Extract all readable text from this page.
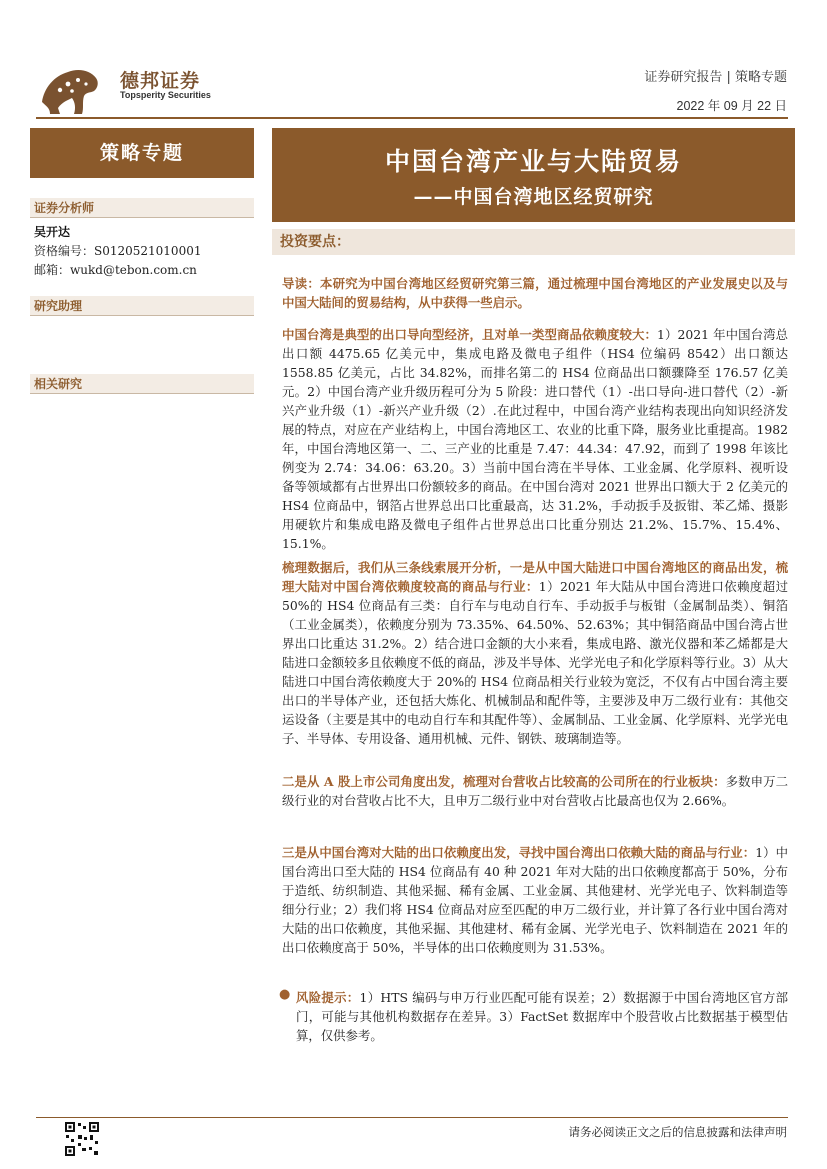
德邦证券
Topsperity Securities
证券研究报告 | 策略专题
2022 年 09 月 22 日
策略专题
证券分析师
吴开达
资格编号：S0120521010001
邮箱：wukd@tebon.com.cn
研究助理
相关研究
中国台湾产业与大陆贸易
——中国台湾地区经贸研究
投资要点：

导读：本研究为中国台湾地区经贸研究第三篇，通过梳理中国台湾地区的产业发展史以及与中国大陆间的贸易结构，从中获得一些启示。

中国台湾是典型的出口导向型经济，且对单一类型商品依赖度较大：1）2021 年中国台湾总出口额 4475.65 亿美元中，集成电路及微电子组件（HS4 位编码 8542）出口额达 1558.85 亿美元，占比 34.82%，而排名第二的 HS4 位商品出口额骤降至 176.57 亿美元。2）中国台湾产业升级历程可分为 5 阶段：进口替代（1）-出口导向-进口替代（2）-新兴产业升级（1）-新兴产业升级（2）.在此过程中，中国台湾产业结构表现出向知识经济发展的特点，对应在产业结构上，中国台湾地区工、农业的比重下降，服务业比重提高。1982 年，中国台湾地区第一、二、三产业的比重是 7.47：44.34：47.92，而到了 1998 年该比例变为 2.74：34.06：63.20。3）当前中国台湾在半导体、工业金属、化学原料、视听设备等领域都有占世界出口份额较多的商品。在中国台湾对 2021 世界出口额大于 2 亿美元的 HS4 位商品中，钢箔占世界总出口比重最高，达 31.2%，手动扳手及扳钳、苯乙烯、摄影用硬软片和集成电路及微电子组件占世界总出口比重分别达 21.2%、15.7%、15.4%、15.1%。

梳理数据后，我们从三条线索展开分析，一是从中国大陆进口中国台湾地区的商品出发，梳理大陆对中国台湾依赖度较高的商品与行业：1）2021 年大陆从中国台湾进口依赖度超过 50%的 HS4 位商品有三类：自行车与电动自行车、手动扳手与板钳（金属制品类）、铜箔（工业金属类），依赖度分别为 73.35%、64.50%、52.63%；其中铜箔商品中国台湾占世界出口比重达 31.2%。2）结合进口金额的大小来看，集成电路、激光仪器和苯乙烯都是大陆进口金额较多且依赖度不低的商品，涉及半导体、光学光电子和化学原料等行业。3）从大陆进口中国台湾依赖度大于 20%的 HS4 位商品相关行业较为宽泛，不仅有占中国台湾主要出口的半导体产业，还包括大炼化、机械制品和配件等，主要涉及申万二级行业有：其他交运设备（主要是其中的电动自行车和其配件等）、金属制品、工业金属、化学原料、光学光电子、半导体、专用设备、通用机械、元件、钢铁、玻璃制造等。

二是从 A 股上市公司角度出发，梳理对台营收占比较高的公司所在的行业板块：多数申万二级行业的对台营收占比不大，且申万二级行业中对台营收占比最高也仅为 2.66%。

三是从中国台湾对大陆的出口依赖度出发，寻找中国台湾出口依赖大陆的商品与行业：1）中国台湾出口至大陆的 HS4 位商品有 40 种 2021 年对大陆的出口依赖度都高于 50%，分布于造纸、纺织制造、其他采掘、稀有金属、工业金属、其他建材、光学光电子、饮料制造等细分行业；2）我们将 HS4 位商品对应至匹配的申万二级行业，并计算了各行业中国台湾对大陆的出口依赖度，其他采掘、其他建材、稀有金属、光学光电子、饮料制造在 2021 年的出口依赖度高于 50%，半导体的出口依赖度则为 31.53%。

● 风险提示：1）HTS 编码与申万行业匹配可能有误差；2）数据源于中国台湾地区官方部门，可能与其他机构数据存在差异。3）FactSet 数据库中个股营收占比数据基于模型估算，仅供参考。

请务必阅读正文之后的信息披露和法律声明
